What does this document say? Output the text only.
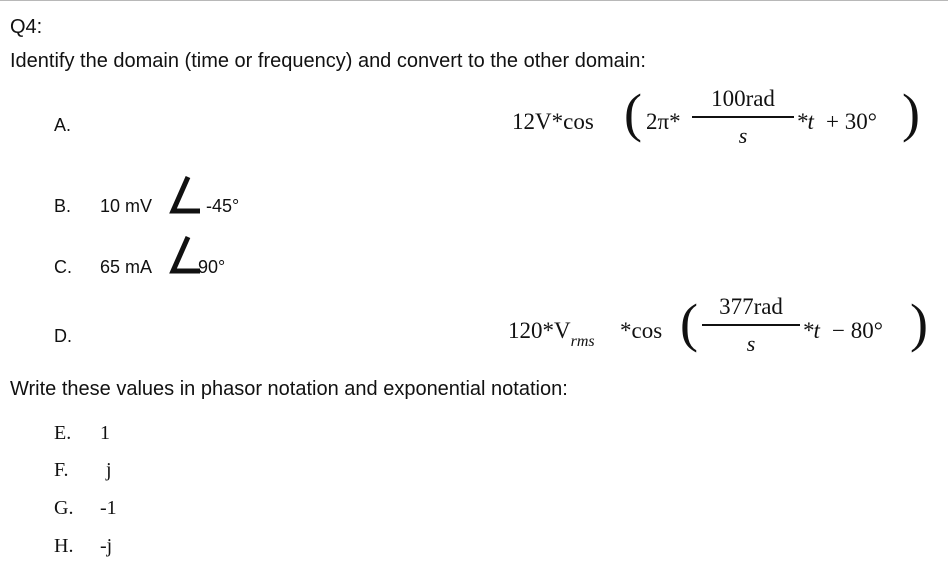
Q4:
Identify the domain (time or frequency) and convert to the other domain:
A.	12V*cos ( 2π*
100rad
s
*t + 30° )
B. 10 mV	-45°
C. 65 mA	90°
D.	$120*V_{rms}$ *cos ( 377rad
s	*t − 80° )
Write these values in phasor notation and exponential notation:
E. 1
F. j
G. -1
H. -j
